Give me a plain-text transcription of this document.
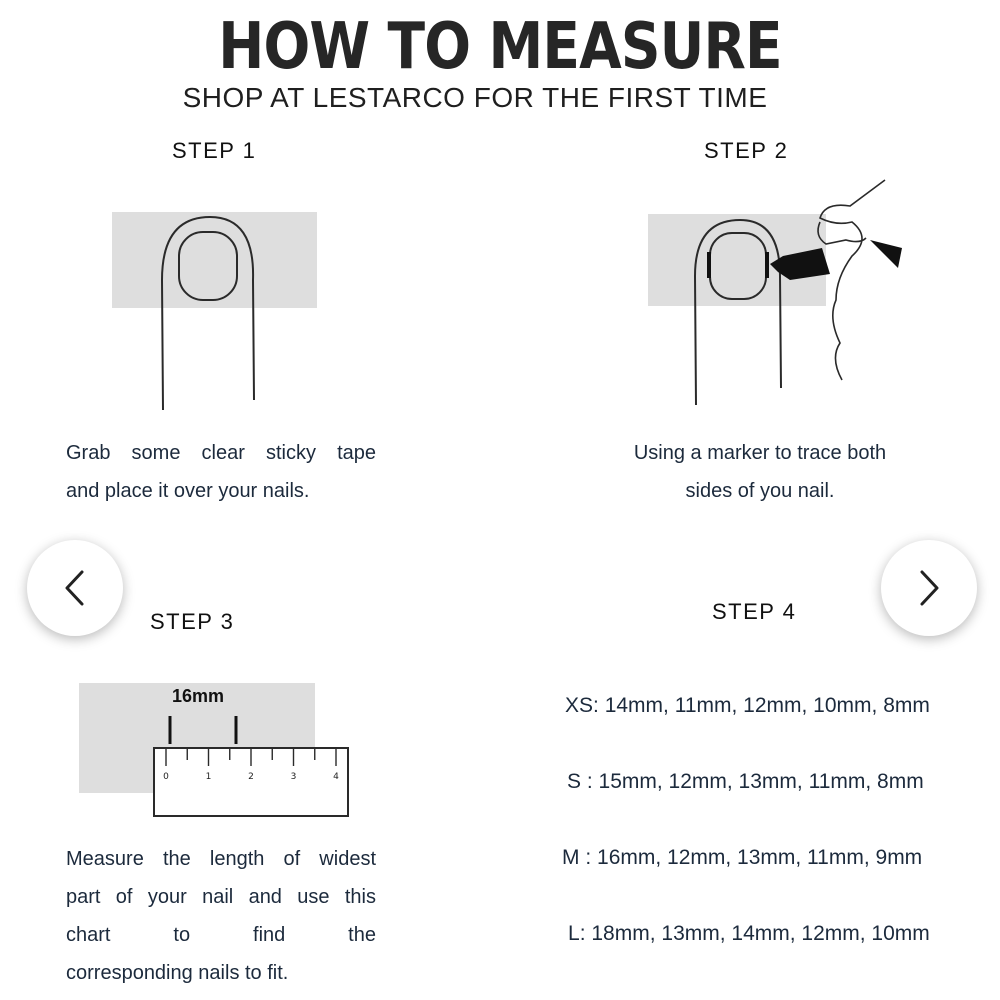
HOW TO MEASURE
SHOP AT LESTARCO FOR THE FIRST TIME
STEP 1
Grab some clear sticky tape
and place it over your nails.
STEP 2
Using a marker to trace both
sides of you nail.
STEP 3
0	1	2	3	4
16mm
Measure the length of widest
part of your nail and use this
chart to find the
corresponding nails to fit.
STEP 4
XS: 14mm, 11mm, 12mm, 10mm, 8mm
S : 15mm, 12mm, 13mm, 11mm, 8mm
M : 16mm, 12mm, 13mm, 11mm, 9mm
L: 18mm, 13mm, 14mm, 12mm, 10mm
